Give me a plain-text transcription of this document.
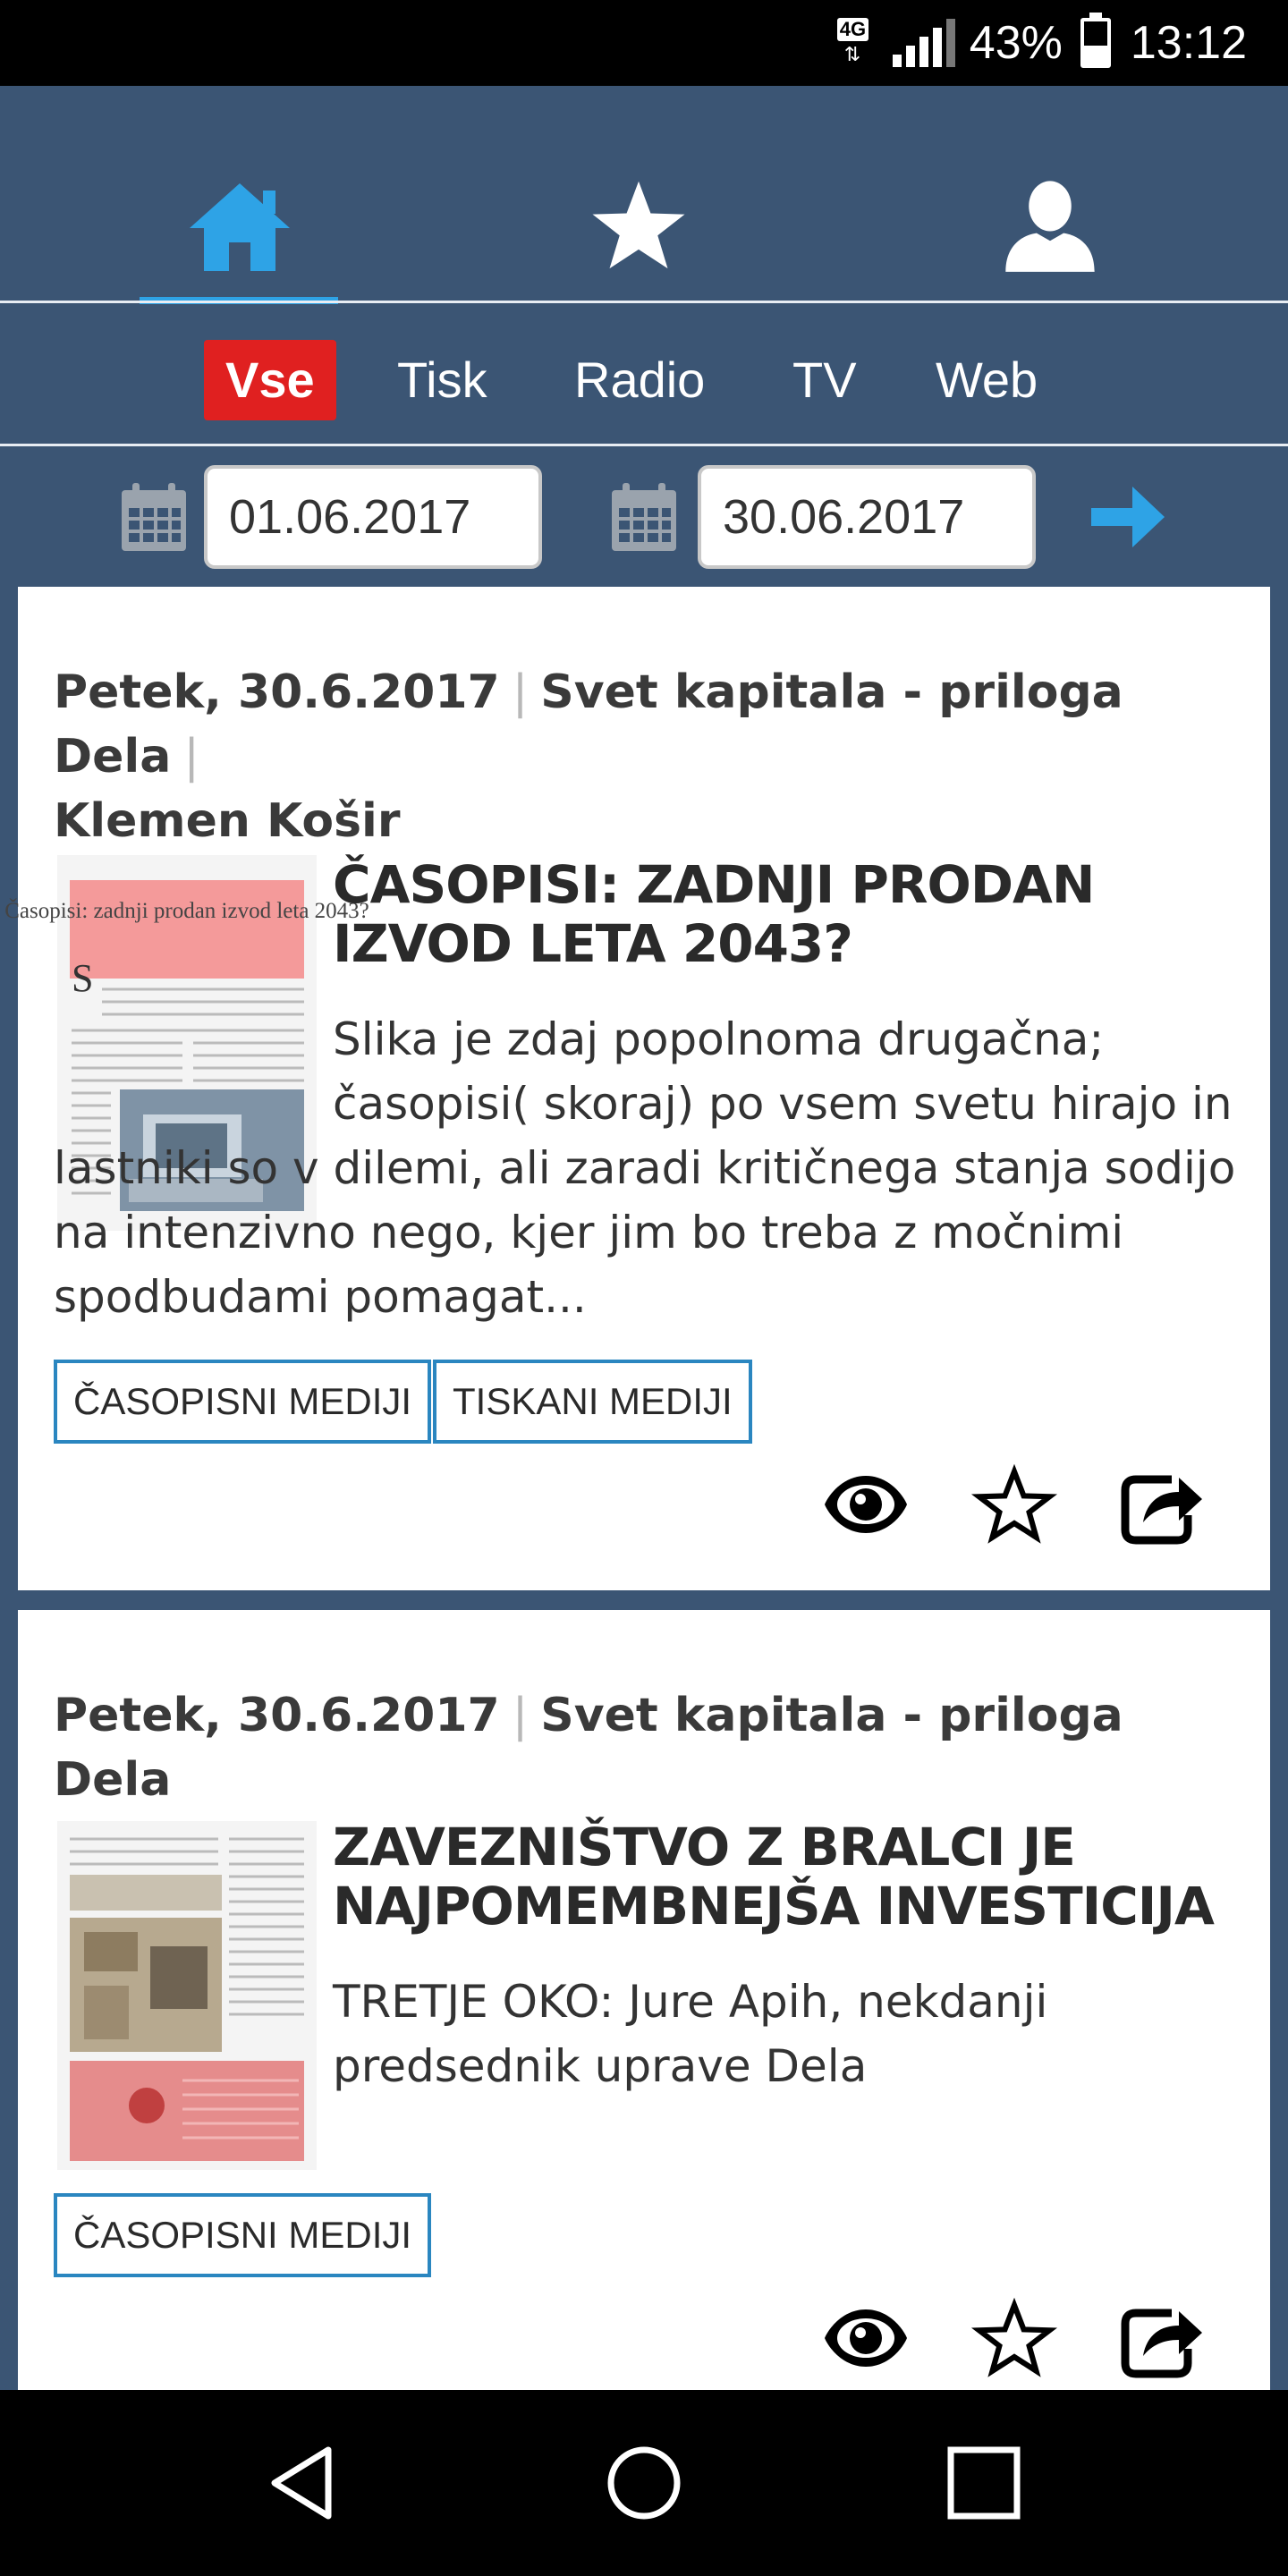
4G
⇅ 43% 13:12
Vse	Tisk Radio TV Web
01.06.2017	30.06.2017
Petek, 30.6.2017 | Svet kapitala - priloga Dela |
Klemen Košir
Časopisi: zadnji prodan izvod leta 2043?
S
ČASOPISI: ZADNJI PRODAN IZVOD LETA 2043?
Slika je zdaj popolnoma drugačna; časopisi( skoraj) po vsem svetu hirajo in lastniki so v dilemi, ali zaradi kritičnega stanja sodijo na intenzivno nego, kjer jim bo treba z močnimi spodbudami pomagat...
ČASOPISNI MEDIJI	TISKANI MEDIJI
Petek, 30.6.2017 | Svet kapitala - priloga Dela
ZAVEZNIŠTVO Z BRALCI JE NAJPOMEMBNEJŠA INVESTICIJA
TRETJE OKO: Jure Apih, nekdanji predsednik uprave Dela
ČASOPISNI MEDIJI
